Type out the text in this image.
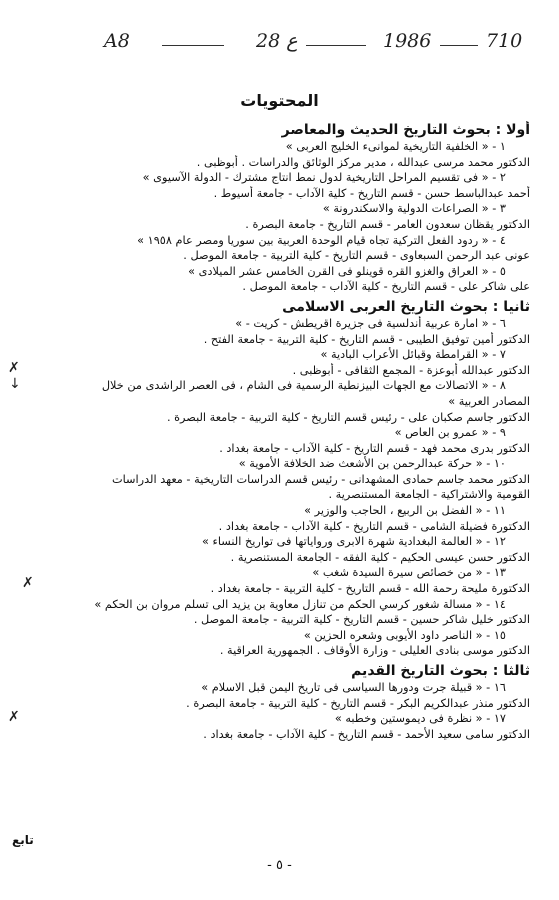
A8	28 ع	1986	710
المحتويات
أولا : بحوث التاريخ الحديث والمعاصر
١ - « الخلفية التاريخية لموانىء الخليج العربى »
الدكتور محمد مرسى عبدالله ، مدير مركز الوثائق والدراسات . أبوظبى .
٢ - « فى تقسيم المراحل التاريخية لدول نمط انتاج مشترك - الدولة الآسيوى »
أحمد عبدالباسط حسن - قسم التاريخ - كلية الآداب - جامعة أسيوط .
٣ - « الصراعات الدولية والاسكندرونة »
الدكتور يقظان سعدون العامر - قسم التاريخ - جامعة البصرة .
٤ - « ردود الفعل التركية تجاه قيام الوحدة العربية بين سوريا ومصر عام ١٩٥٨ »
عونى عبد الرحمن السبعاوى - قسم التاريخ - كلية التربية - جامعة الموصل .
٥ - « العراق والغزو القره قوينلو فى القرن الخامس عشر الميلادى »
على شاكر على - قسم التاريخ - كلية الآداب - جامعة الموصل .
ثانيا : بحوث التاريخ العربى الاسلامى
٦ - « امارة عربية أندلسية فى جزيرة اقريطش - كريت - »
الدكتور أمين توفيق الطيبى - قسم التاريخ - كلية التربية - جامعة الفتح .
٧ - « القرامطة وقبائل الأعراب البادية »
الدكتور عبدالله أبوعزة - المجمع الثقافى - أبوظبى .
٨ - « الاتصالات مع الجهات البيزنطية الرسمية فى الشام ، فى العصر الراشدى من خلال
المصادر العربية »
الدكتور جاسم صكبان على - رئيس قسم التاريخ - كلية التربية - جامعة البصرة .
٩ - « عمرو بن العاص »
الدكتور بدرى محمد فهد - قسم التاريخ - كلية الآداب - جامعة بغداد .
١٠ - « حركة عبدالرحمن بن الأشعث ضد الخلافة الأموية »
الدكتور محمد جاسم حمادى المشهدانى - رئيس قسم الدراسات التاريخية - معهد الدراسات
القومية والاشتراكية - الجامعة المستنصرية .
١١ - « الفضل بن الربيع ، الحاجب والوزير »
الدكتورة فضيلة الشامى - قسم التاريخ - كلية الآداب - جامعة بغداد .
١٢ - « العالمة البغدادية شهرة الابرى ورواياتها فى تواريخ النساء »
الدكتور حسن عيسى الحكيم - كلية الفقه - الجامعة المستنصرية .
١٣ - « من خصائص سيرة السيدة شغب »
الدكتورة مليحة رحمة الله - قسم التاريخ - كلية التربية - جامعة بغداد .
١٤ - « مسالة شغور كرسي الحكم من تنازل معاوية بن يزيد الى تسلم مروان بن الحكم »
الدكتور خليل شاكر حسين - قسم التاريخ - كلية التربية - جامعة الموصل .
١٥ - « الناصر داود الأيوبى وشعره الحزين »
الدكتور موسى بنادى العليلى - وزارة الأوقاف . الجمهورية العراقية .
ثالثا : بحوث التاريخ القديم
١٦ - « قبيلة جرت ودورها السياسى فى تاريخ اليمن قبل الاسلام »
الدكتور منذر عبدالكريم البكر - قسم التاريخ - كلية التربية - جامعة البصرة .
١٧ - « نظرة فى ديموستين وخطبه »
الدكتور سامى سعيد الأحمد - قسم التاريخ - كلية الآداب - جامعة بغداد .
✗
↓
✗
✗
تابع
- ٥ -
